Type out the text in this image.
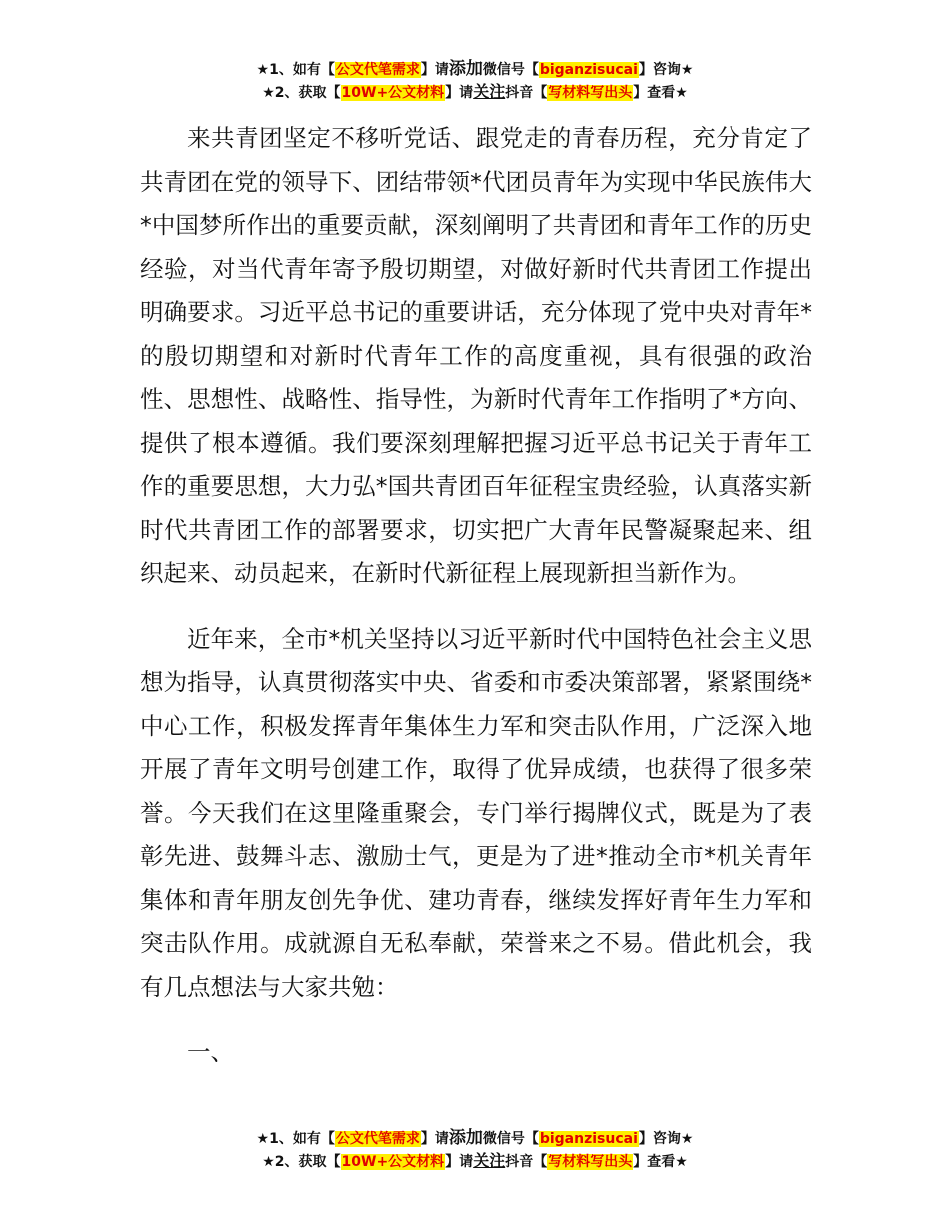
★1、如有【公文代笔需求】请添加微信号【biganzisucai】咨询★
★2、获取【10W+公文材料】请关注抖音【写材料写出头】查看★

来共青团坚定不移听党话、跟党走的青春历程，充分肯定了共青团在党的领导下、团结带领*代团员青年为实现中华民族伟大*中国梦所作出的重要贡献，深刻阐明了共青团和青年工作的历史经验，对当代青年寄予殷切期望，对做好新时代共青团工作提出明确要求。习近平总书记的重要讲话，充分体现了党中央对青年*的殷切期望和对新时代青年工作的高度重视，具有很强的政治性、思想性、战略性、指导性，为新时代青年工作指明了*方向、提供了根本遵循。我们要深刻理解把握习近平总书记关于青年工作的重要思想，大力弘*国共青团百年征程宝贵经验，认真落实新时代共青团工作的部署要求，切实把广大青年民警凝聚起来、组织起来、动员起来，在新时代新征程上展现新担当新作为。

近年来，全市*机关坚持以习近平新时代中国特色社会主义思想为指导，认真贯彻落实中央、省委和市委决策部署，紧紧围绕*中心工作，积极发挥青年集体生力军和突击队作用，广泛深入地开展了青年文明号创建工作，取得了优异成绩，也获得了很多荣誉。今天我们在这里隆重聚会，专门举行揭牌仪式，既是为了表彰先进、鼓舞斗志、激励士气，更是为了进*推动全市*机关青年集体和青年朋友创先争优、建功青春，继续发挥好青年生力军和突击队作用。成就源自无私奉献，荣誉来之不易。借此机会，我有几点想法与大家共勉：

一、

★1、如有【公文代笔需求】请添加微信号【biganzisucai】咨询★
★2、获取【10W+公文材料】请关注抖音【写材料写出头】查看★
